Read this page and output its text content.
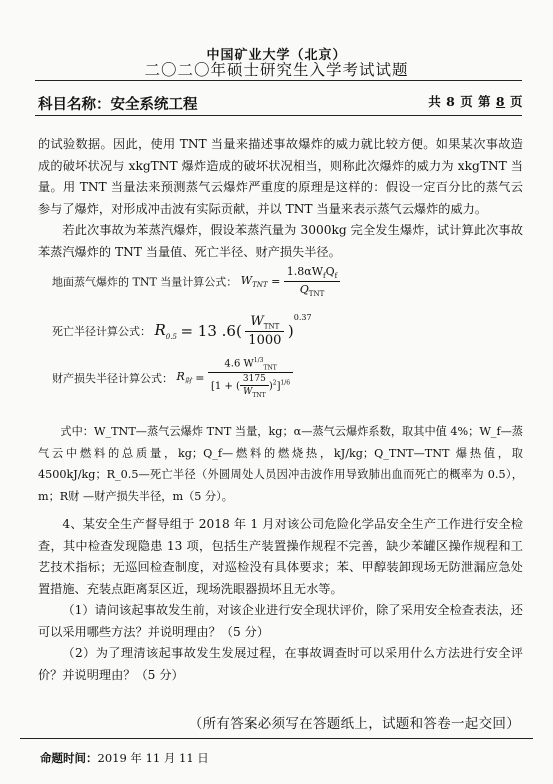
中国矿业大学（北京）
二〇二〇年硕士研究生入学考试试题
科目名称：安全系统工程	共 8 页 第 8 页
的试验数据。因此，使用 TNT 当量来描述事故爆炸的威力就比较方便。如果某次事故造成的破坏状况与 xkgTNT 爆炸造成的破坏状况相当，则称此次爆炸的威力为 xkgTNT 当量。用 TNT 当量法来预测蒸气云爆炸严重度的原理是这样的：假设一定百分比的蒸气云参与了爆炸，对形成冲击波有实际贡献，并以 TNT 当量来表示蒸气云爆炸的威力。
若此次事故为苯蒸汽爆炸，假设苯蒸汽量为 3000kg 完全发生爆炸，试计算此次事故苯蒸汽爆炸的 TNT 当量值、死亡半径、财产损失半径。
地面蒸气爆炸的 TNT 当量计算公式： $W_{TNT} = \frac{1.8\alpha W_fQ_f}{Q_{TNT}}$
死亡半径计算公式： $R_{0.5} = 13$ $.6( \frac{W_{TNT}}{1000} )^{0.37}$
财产损失半径计算公式： $R_財 = \frac{4.6 W^{1/3}_{TNT}}{[1 + ( \frac{3175}{W_{TNT}} )^2]^{1/6}}$
式中：W_TNT—蒸气云爆炸 TNT 当量，kg；α—蒸气云爆炸系数，取其中值 4%；W_f—蒸气云中燃料的总质量，kg；Q_f—燃料的燃烧热，kJ/kg；Q_TNT—TNT 爆热值，取 4500kJ/kg；R_0.5—死亡半径（外圆周处人员因冲击波作用导致肺出血而死亡的概率为 0.5），m；R财 —财产损失半径，m（5 分）。
4、某安全生产督导组于 2018 年 1 月对该公司危险化学品安全生产工作进行安全检查，其中检查发现隐患 13 项，包括生产装置操作规程不完善，缺少苯罐区操作规程和工艺技术指标；无巡回检查制度，对巡检没有具体要求；苯、甲醇装卸现场无防泄漏应急处置措施、充装点距离泵区近，现场洗眼器损坏且无水等。
（1）请问该起事故发生前，对该企业进行安全现状评价，除了采用安全检查表法，还可以采用哪些方法？并说明理由？（5 分）
（2）为了理清该起事故发生发展过程，在事故调查时可以采用什么方法进行安全评价？并说明理由？（5 分）
（所有答案必须写在答题纸上，试题和答卷一起交回）
命题时间：2019 年 11 月 11 日
